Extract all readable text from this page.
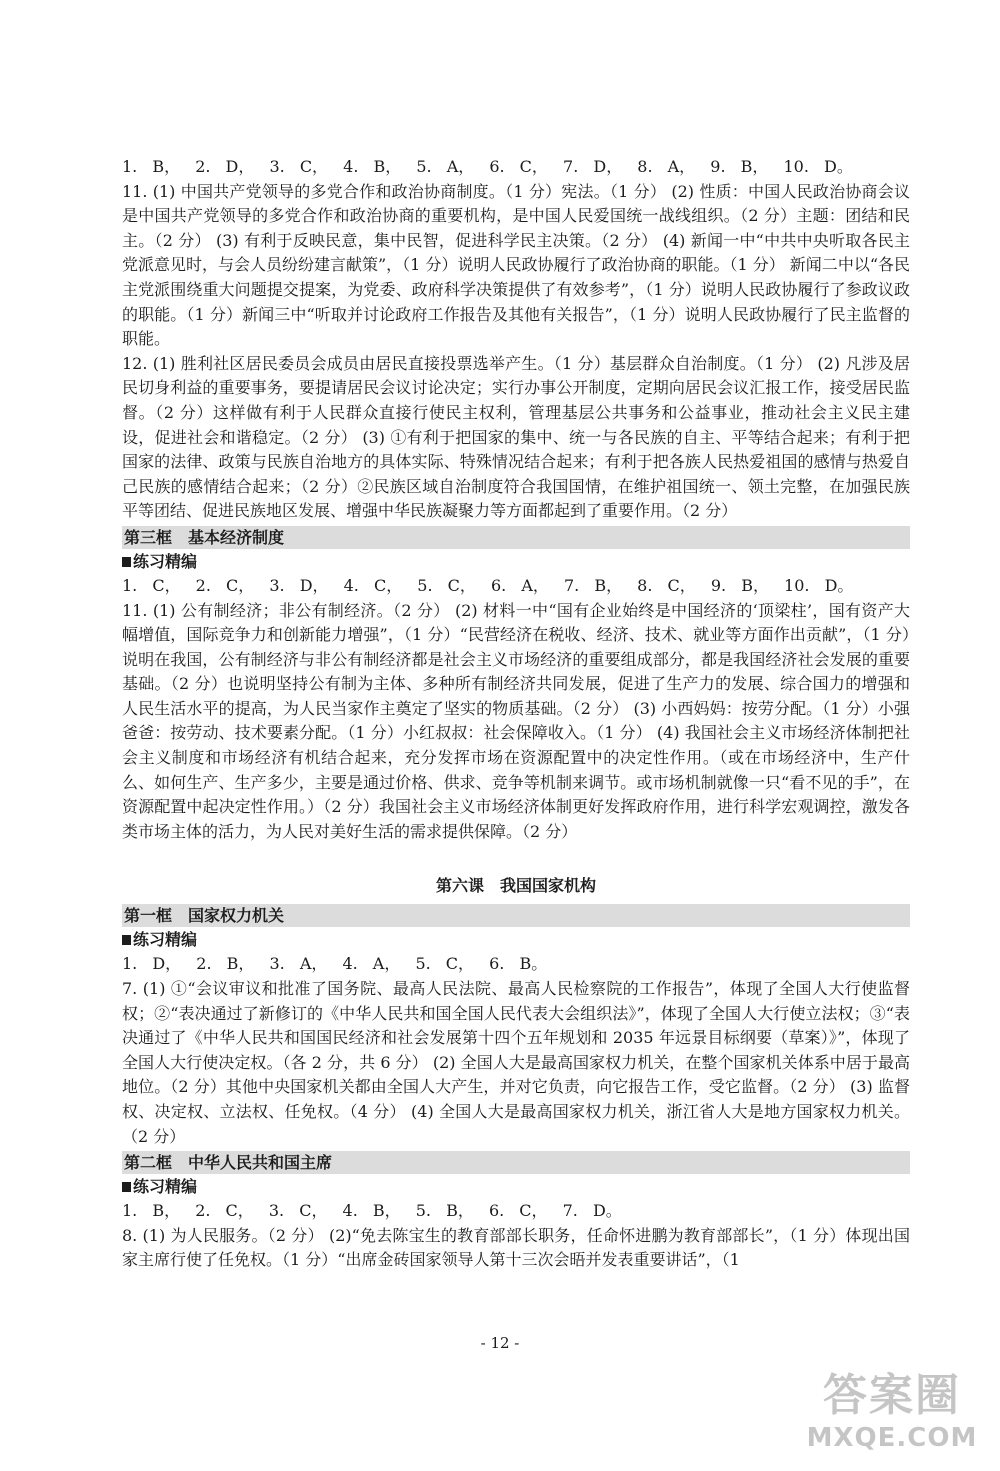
1. B， 2. D， 3. C， 4. B， 5. A， 6. C， 7. D， 8. A， 9. B， 10. D。

11. (1) 中国共产党领导的多党合作和政治协商制度。（1 分）宪法。（1 分） (2) 性质：中国人民政治协商会议是中国共产党领导的多党合作和政治协商的重要机构，是中国人民爱国统一战线组织。（2 分）主题：团结和民主。（2 分） (3) 有利于反映民意，集中民智，促进科学民主决策。（2 分） (4) 新闻一中“中共中央听取各民主党派意见时，与会人员纷纷建言献策”，（1 分）说明人民政协履行了政治协商的职能。（1 分） 新闻二中以“各民主党派围绕重大问题提交提案，为党委、政府科学决策提供了有效参考”，（1 分）说明人民政协履行了参政议政的职能。（1 分）新闻三中“听取并讨论政府工作报告及其他有关报告”，（1 分）说明人民政协履行了民主监督的职能。

12. (1) 胜利社区居民委员会成员由居民直接投票选举产生。（1 分）基层群众自治制度。（1 分） (2) 凡涉及居民切身利益的重要事务，要提请居民会议讨论决定；实行办事公开制度，定期向居民会议汇报工作，接受居民监督。（2 分）这样做有利于人民群众直接行使民主权利，管理基层公共事务和公益事业，推动社会主义民主建设，促进社会和谐稳定。（2 分） (3) ①有利于把国家的集中、统一与各民族的自主、平等结合起来；有利于把国家的法律、政策与民族自治地方的具体实际、特殊情况结合起来；有利于把各族人民热爱祖国的感情与热爱自己民族的感情结合起来；（2 分）②民族区域自治制度符合我国国情，在维护祖国统一、领土完整，在加强民族平等团结、促进民族地区发展、增强中华民族凝聚力等方面都起到了重要作用。（2 分）

第三框　基本经济制度
练习精编

1. C， 2. C， 3. D， 4. C， 5. C， 6. A， 7. B， 8. C， 9. B， 10. D。

11. (1) 公有制经济；非公有制经济。（2 分） (2) 材料一中“国有企业始终是中国经济的‘顶梁柱’，国有资产大幅增值，国际竞争力和创新能力增强”，（1 分）“民营经济在税收、经济、技术、就业等方面作出贡献”，（1 分）说明在我国，公有制经济与非公有制经济都是社会主义市场经济的重要组成部分，都是我国经济社会发展的重要基础。（2 分）也说明坚持公有制为主体、多种所有制经济共同发展，促进了生产力的发展、综合国力的增强和人民生活水平的提高，为人民当家作主奠定了坚实的物质基础。（2 分） (3) 小西妈妈：按劳分配。（1 分）小强爸爸：按劳动、技术要素分配。（1 分）小红叔叔：社会保障收入。（1 分） (4) 我国社会主义市场经济体制把社会主义制度和市场经济有机结合起来，充分发挥市场在资源配置中的决定性作用。（或在市场经济中，生产什么、如何生产、生产多少，主要是通过价格、供求、竞争等机制来调节。或市场机制就像一只“看不见的手”，在资源配置中起决定性作用。）（2 分）我国社会主义市场经济体制更好发挥政府作用，进行科学宏观调控，激发各类市场主体的活力，为人民对美好生活的需求提供保障。（2 分）

第六课　我国国家机构
第一框　国家权力机关
练习精编

1. D， 2. B， 3. A， 4. A， 5. C， 6. B。

7. (1) ①“会议审议和批准了国务院、最高人民法院、最高人民检察院的工作报告”，体现了全国人大行使监督权；②“表决通过了新修订的《中华人民共和国全国人民代表大会组织法》”，体现了全国人大行使立法权；③“表决通过了《中华人民共和国国民经济和社会发展第十四个五年规划和 2035 年远景目标纲要（草案）》”，体现了全国人大行使决定权。（各 2 分，共 6 分） (2) 全国人大是最高国家权力机关，在整个国家机关体系中居于最高地位。（2 分）其他中央国家机关都由全国人大产生，并对它负责，向它报告工作，受它监督。（2 分） (3) 监督权、决定权、立法权、任免权。（4 分） (4) 全国人大是最高国家权力机关，浙江省人大是地方国家权力机关。（2 分）

第二框　中华人民共和国主席
练习精编

1. B， 2. C， 3. C， 4. B， 5. B， 6. C， 7. D。

8. (1) 为人民服务。（2 分） (2)“免去陈宝生的教育部部长职务，任命怀进鹏为教育部部长”，（1 分）体现出国家主席行使了任免权。（1 分）“出席金砖国家领导人第十三次会晤并发表重要讲话”，（1

- 12 -
答案圈
MXQE.COM
